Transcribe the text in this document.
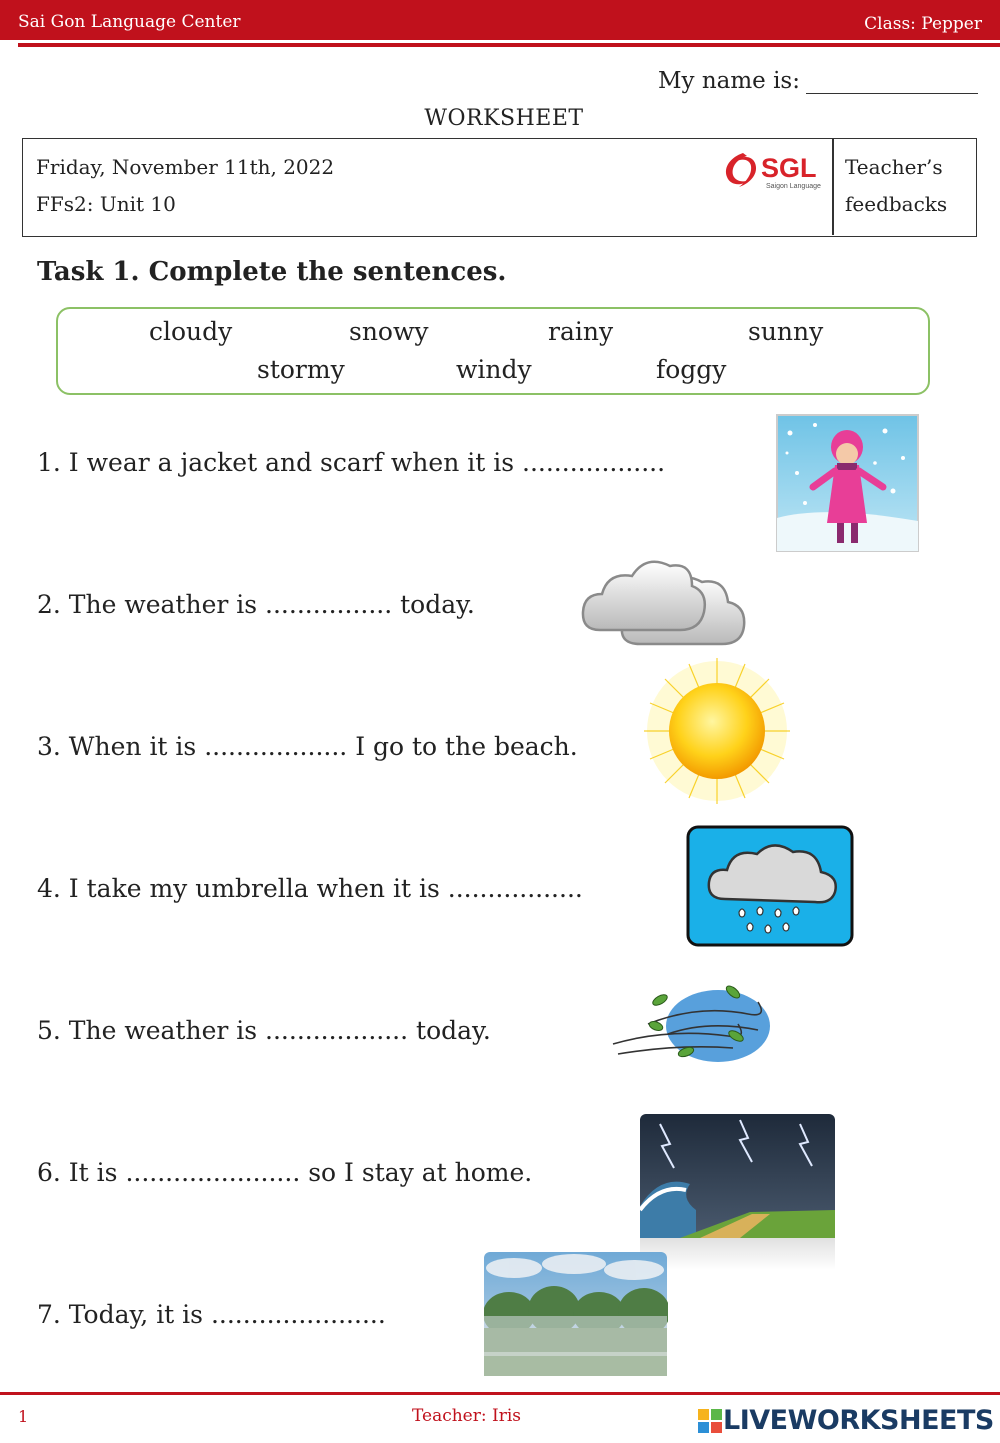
Sai Gon Language Center	Class: Pepper
My name is:
WORKSHEET
Friday, November 11th, 2022
FFs2: Unit 10
SGL
Saigon Language
Teacher’s
feedbacks
Task 1. Complete the sentences.
cloudy	snowy	rainy	sunny
stormy	windy	foggy
1. I wear a jacket and scarf when it is ..................
2. The weather is ................ today.
3. When it is .................. I go to the beach.
4. I take my umbrella when it is .................
5. The weather is .................. today.
6. It is ...................... so I stay at home.
7. Today, it is ......................
1	Teacher: Iris	LIVEWORKSHEETS
